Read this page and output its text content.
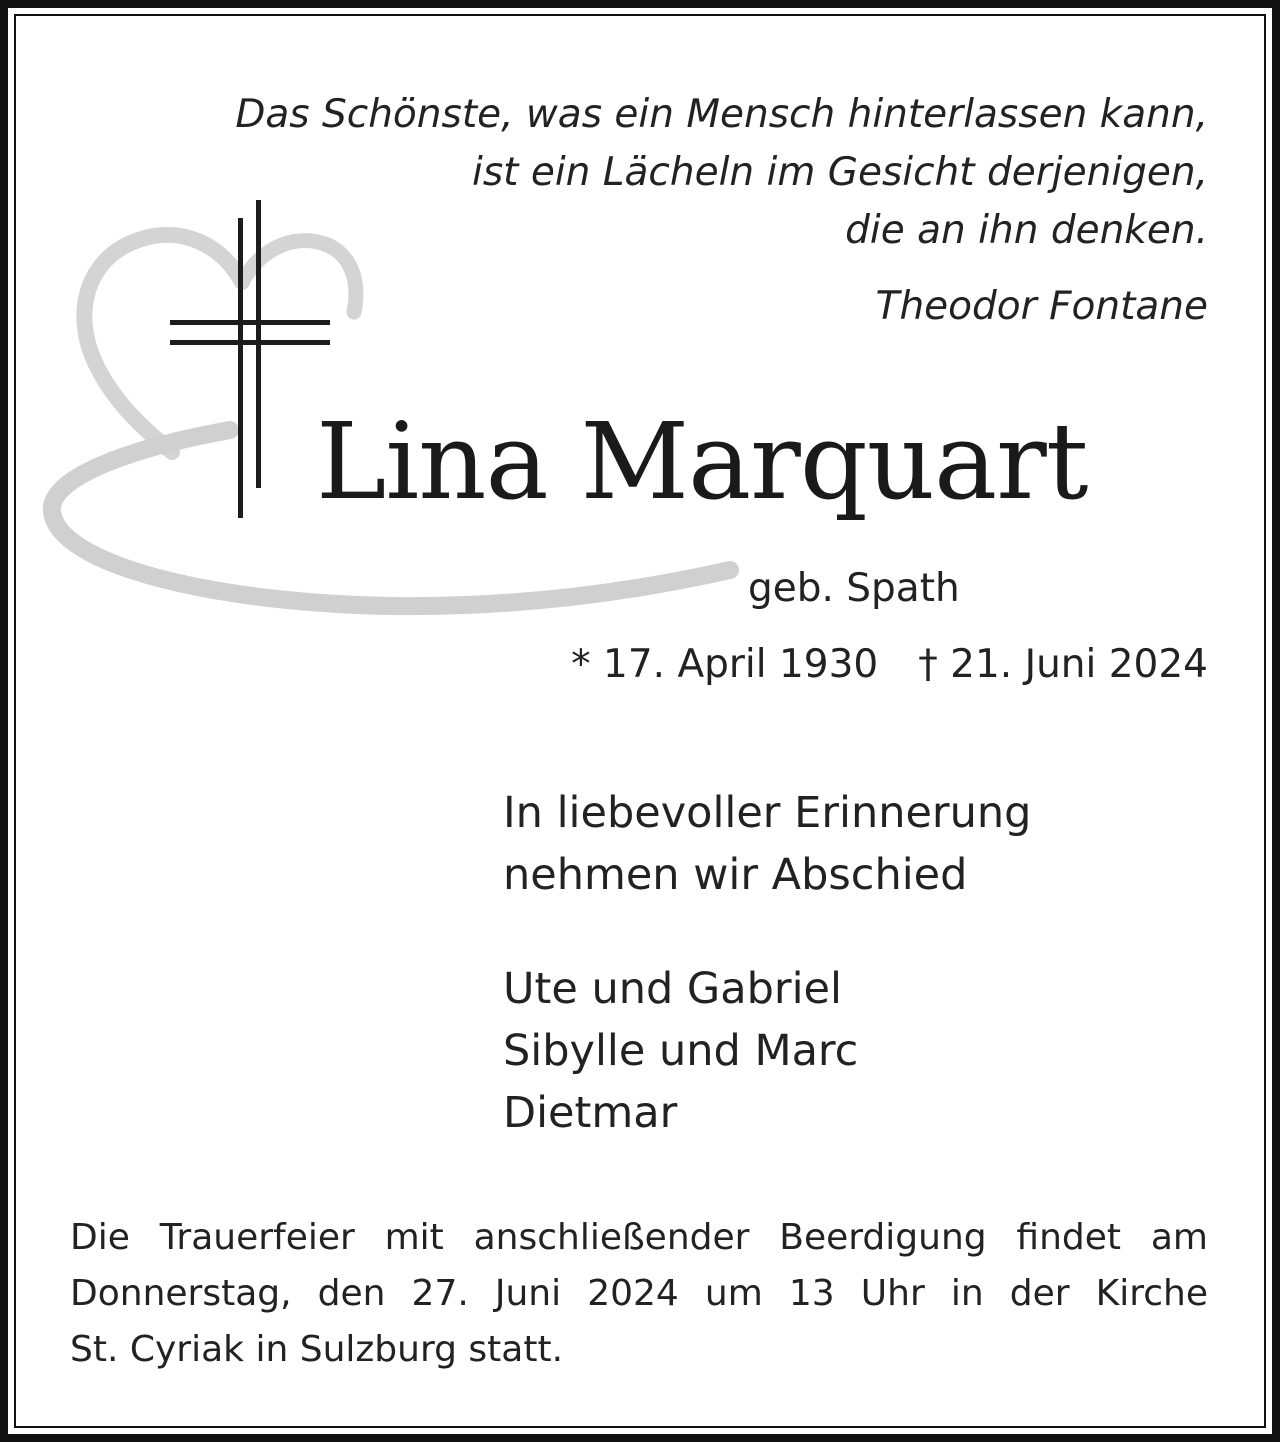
Das Schönste, was ein Mensch hinterlassen kann,
ist ein Lächeln im Gesicht derjenigen,
die an ihn denken.
Theodor Fontane
Lina Marquart
geb. Spath
* 17. April 1930 † 21. Juni 2024
In liebevoller Erinnerung
nehmen wir Abschied
Ute und Gabriel
Sibylle und Marc
Dietmar
Die Trauerfeier mit anschließender Beerdigung findet am
Donnerstag, den 27. Juni 2024 um 13 Uhr in der Kirche
St. Cyriak in Sulzburg statt.
